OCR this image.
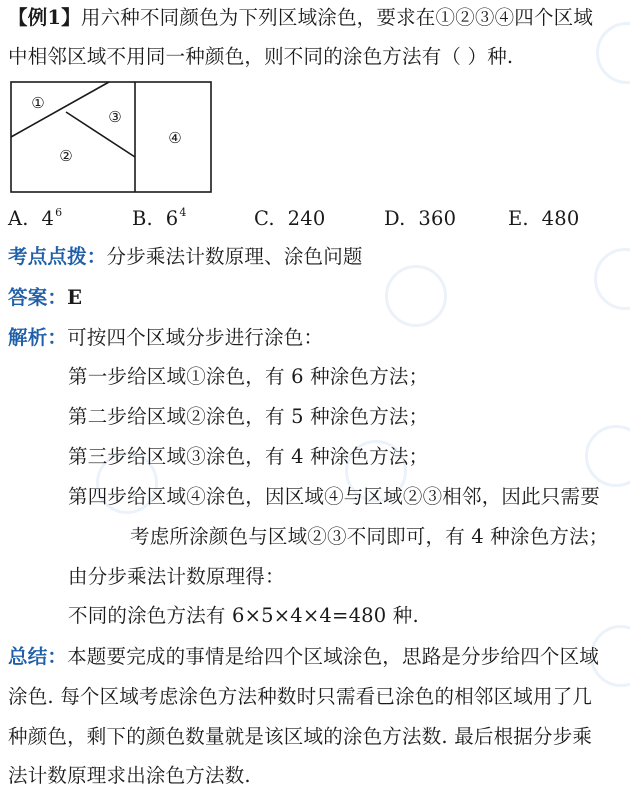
【例1】用六种不同颜色为下列区域涂色，要求在①②③④四个区域
中相邻区域不用同一种颜色，则不同的涂色方法有（ ）种.
①
②
③
④
A. $4^6$	B. $6^4$	C. 240	D. 360	E. 480
考点点拨：分步乘法计数原理、涂色问题
答案：E
解析：可按四个区域分步进行涂色：
第一步给区域①涂色，有 6 种涂色方法；
第二步给区域②涂色，有 5 种涂色方法；
第三步给区域③涂色，有 4 种涂色方法；
第四步给区域④涂色，因区域④与区域②③相邻，因此只需要
考虑所涂颜色与区域②③不同即可，有 4 种涂色方法；
由分步乘法计数原理得：
不同的涂色方法有 6×5×4×4=480 种.
总结：本题要完成的事情是给四个区域涂色，思路是分步给四个区域
涂色. 每个区域考虑涂色方法种数时只需看已涂色的相邻区域用了几
种颜色，剩下的颜色数量就是该区域的涂色方法数. 最后根据分步乘
法计数原理求出涂色方法数.
